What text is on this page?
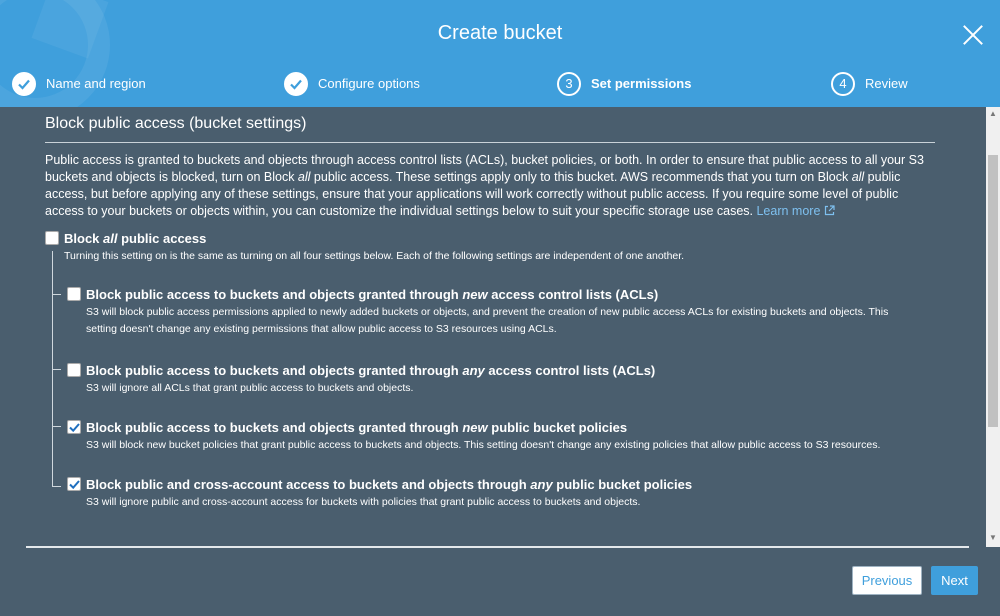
Create bucket
Name and region	Configure options	3	Set permissions	4	Review
Block public access (bucket settings)
Public access is granted to buckets and objects through access control lists (ACLs), bucket policies, or both. In order to ensure that public access to all your S3 buckets and objects is blocked, turn on Block all public access. These settings apply only to this bucket. AWS recommends that you turn on Block all public access, but before applying any of these settings, ensure that your applications will work correctly without public access. If you require some level of public access to your buckets or objects within, you can customize the individual settings below to suit your specific storage use cases. Learn more
Block all public access
Turning this setting on is the same as turning on all four settings below. Each of the following settings are independent of one another.
Block public access to buckets and objects granted through new access control lists (ACLs)
S3 will block public access permissions applied to newly added buckets or objects, and prevent the creation of new public access ACLs for existing buckets and objects. This
setting doesn't change any existing permissions that allow public access to S3 resources using ACLs.
Block public access to buckets and objects granted through any access control lists (ACLs)
S3 will ignore all ACLs that grant public access to buckets and objects.
Block public access to buckets and objects granted through new public bucket policies
S3 will block new bucket policies that grant public access to buckets and objects. This setting doesn't change any existing policies that allow public access to S3 resources.
Block public and cross-account access to buckets and objects through any public bucket policies
S3 will ignore public and cross-account access for buckets with policies that grant public access to buckets and objects.
▲
▼
Previous	Next
